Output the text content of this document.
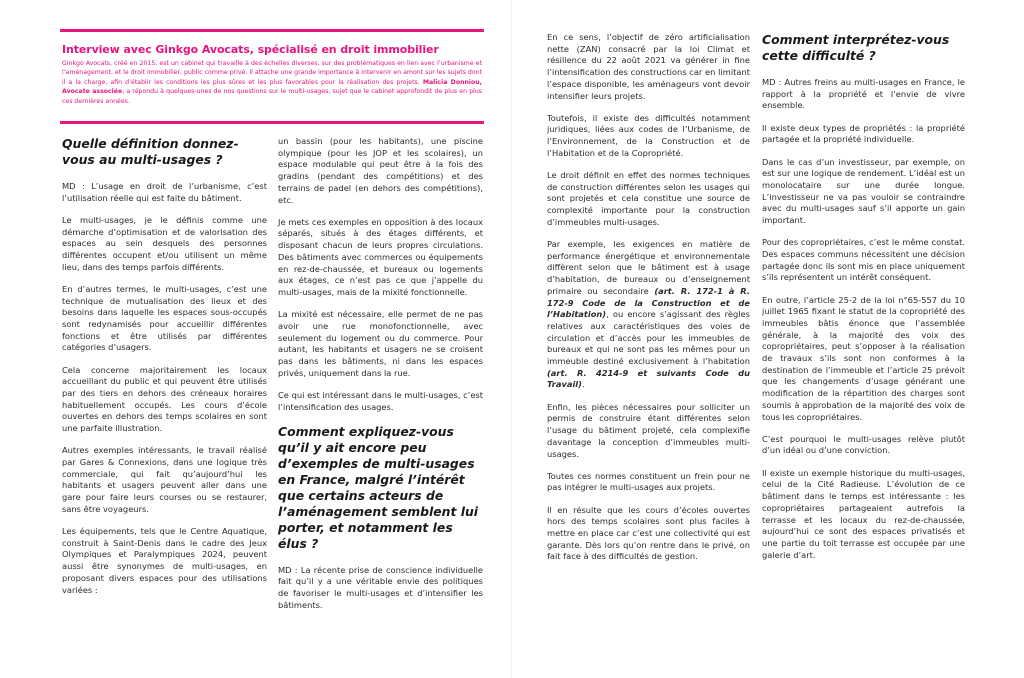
Interview avec Ginkgo Avocats, spécialisé en droit immobilier

Ginkgo Avocats, créé en 2015, est un cabinet qui travaille à des échelles diverses, sur des problématiques en lien avec l’urbanisme et l’aménagement, et le droit immobilier, public comme privé. Il attache une grande importance à intervenir en amont sur les sujets dont il a la charge, afin d’établir les conditions les plus sûres et les plus favorables pour la réalisation des projets. Malicia Donniou, Avocate associée, a répondu à quelques-unes de nos questions sur le multi-usages, sujet que le cabinet approfondit de plus en plus ces dernières années.

Quelle définition donnez-vous au multi-usages ?

MD : L’usage en droit de l’urbanisme, c’est l’utilisation réelle qui est faite du bâtiment.

Le multi-usages, je le définis comme une démarche d’optimisation et de valorisation des espaces au sein desquels des personnes différentes occupent et/ou utilisent un même lieu, dans des temps parfois différents.

En d’autres termes, le multi-usages, c’est une technique de mutualisation des lieux et des besoins dans laquelle les espaces sous-occupés sont redynamisés pour accueillir différentes fonctions et être utilisés par différentes catégories d’usagers.

Cela concerne majoritairement les locaux accueillant du public et qui peuvent être utilisés par des tiers en dehors des créneaux horaires habituellement occupés. Les cours d’école ouvertes en dehors des temps scolaires en sont une parfaite illustration.

Autres exemples intéressants, le travail réalisé par Gares & Connexions, dans une logique très commerciale, qui fait qu’aujourd’hui les habitants et usagers peuvent aller dans une gare pour faire leurs courses ou se restaurer, sans être voyageurs.

Les équipements, tels que le Centre Aquatique, construit à Saint-Denis dans le cadre des Jeux Olympiques et Paralympiques 2024, peuvent aussi être synonymes de multi-usages, en proposant divers espaces pour des utilisations variées :

un bassin (pour les habitants), une piscine olympique (pour les JOP et les scolaires), un espace modulable qui peut être à la fois des gradins (pendant des compétitions) et des terrains de padel (en dehors des compétitions), etc.

Je mets ces exemples en opposition à des locaux séparés, situés à des étages différents, et disposant chacun de leurs propres circulations. Des bâtiments avec commerces ou équipements en rez-de-chaussée, et bureaux ou logements aux étages, ce n’est pas ce que j’appelle du multi-usages, mais de la mixité fonctionnelle.

La mixité est nécessaire, elle permet de ne pas avoir une rue monofonctionnelle, avec seulement du logement ou du commerce. Pour autant, les habitants et usagers ne se croisent pas dans les bâtiments, ni dans les espaces privés, uniquement dans la rue.

Ce qui est intéressant dans le multi-usages, c’est l’intensification des usages.

Comment expliquez-vous qu’il y ait encore peu d’exemples de multi-usages en France, malgré l’intérêt que certains acteurs de l’aménagement semblent lui porter, et notamment les élus ?

MD : La récente prise de conscience individuelle fait qu’il y a une véritable envie des politiques de favoriser le multi-usages et d’intensifier les bâtiments.

En ce sens, l’objectif de zéro artificialisation nette (ZAN) consacré par la loi Climat et résilience du 22 août 2021 va générer in fine l’intensification des constructions car en limitant l’espace disponible, les aménageurs vont devoir intensifier leurs projets.

Toutefois, il existe des difficultés notamment juridiques, liées aux codes de l’Urbanisme, de l’Environnement, de la Construction et de l’Habitation et de la Copropriété.

Le droit définit en effet des normes techniques de construction différentes selon les usages qui sont projetés et cela constitue une source de complexité importante pour la construction d’immeubles multi-usages.

Par exemple, les exigences en matière de performance énergétique et environnementale diffèrent selon que le bâtiment est à usage d’habitation, de bureaux ou d’enseignement primaire ou secondaire (art. R. 172-1 à R. 172-9 Code de la Construction et de l’Habitation), ou encore s’agissant des règles relatives aux caractéristiques des voies de circulation et d’accès pour les immeubles de bureaux et qui ne sont pas les mêmes pour un immeuble destiné exclusivement à l’habitation (art. R. 4214-9 et suivants Code du Travail).

Enfin, les pièces nécessaires pour solliciter un permis de construire étant différentes selon l’usage du bâtiment projeté, cela complexifie davantage la conception d’immeubles multi-usages.

Toutes ces normes constituent un frein pour ne pas intégrer le multi-usages aux projets.

Il en résulte que les cours d’écoles ouvertes hors des temps scolaires sont plus faciles à mettre en place car c’est une collectivité qui est garante. Dès lors qu’on rentre dans le privé, on fait face à des difficultés de gestion.

Comment interprétez-vous cette difficulté ?

MD : Autres freins au multi-usages en France, le rapport à la propriété et l’envie de vivre ensemble.

Il existe deux types de propriétés : la propriété partagée et la propriété individuelle.

Dans le cas d’un investisseur, par exemple, on est sur une logique de rendement. L’idéal est un monolocataire sur une durée longue. L’investisseur ne va pas vouloir se contraindre avec du multi-usages sauf s’il apporte un gain important.

Pour des copropriétaires, c’est le même constat. Des espaces communs nécessitent une décision partagée donc ils sont mis en place uniquement s’ils représentent un intérêt conséquent.

En outre, l’article 25-2 de la loi n°65-557 du 10 juillet 1965 fixant le statut de la copropriété des immeubles bâtis énonce que l’assemblée générale, à la majorité des voix des copropriétaires, peut s’opposer à la réalisation de travaux s’ils sont non conformes à la destination de l’immeuble et l’article 25 prévoit que les changements d’usage générant une modification de la répartition des charges sont soumis à approbation de la majorité des voix de tous les copropriétaires.

C’est pourquoi le multi-usages relève plutôt d’un idéal ou d’une conviction.

Il existe un exemple historique du multi-usages, celui de la Cité Radieuse. L’évolution de ce bâtiment dans le temps est intéressante : les copropriétaires partageaient autrefois la terrasse et les locaux du rez-de-chaussée, aujourd’hui ce sont des espaces privatisés et une partie du toit terrasse est occupée par une galerie d’art.
